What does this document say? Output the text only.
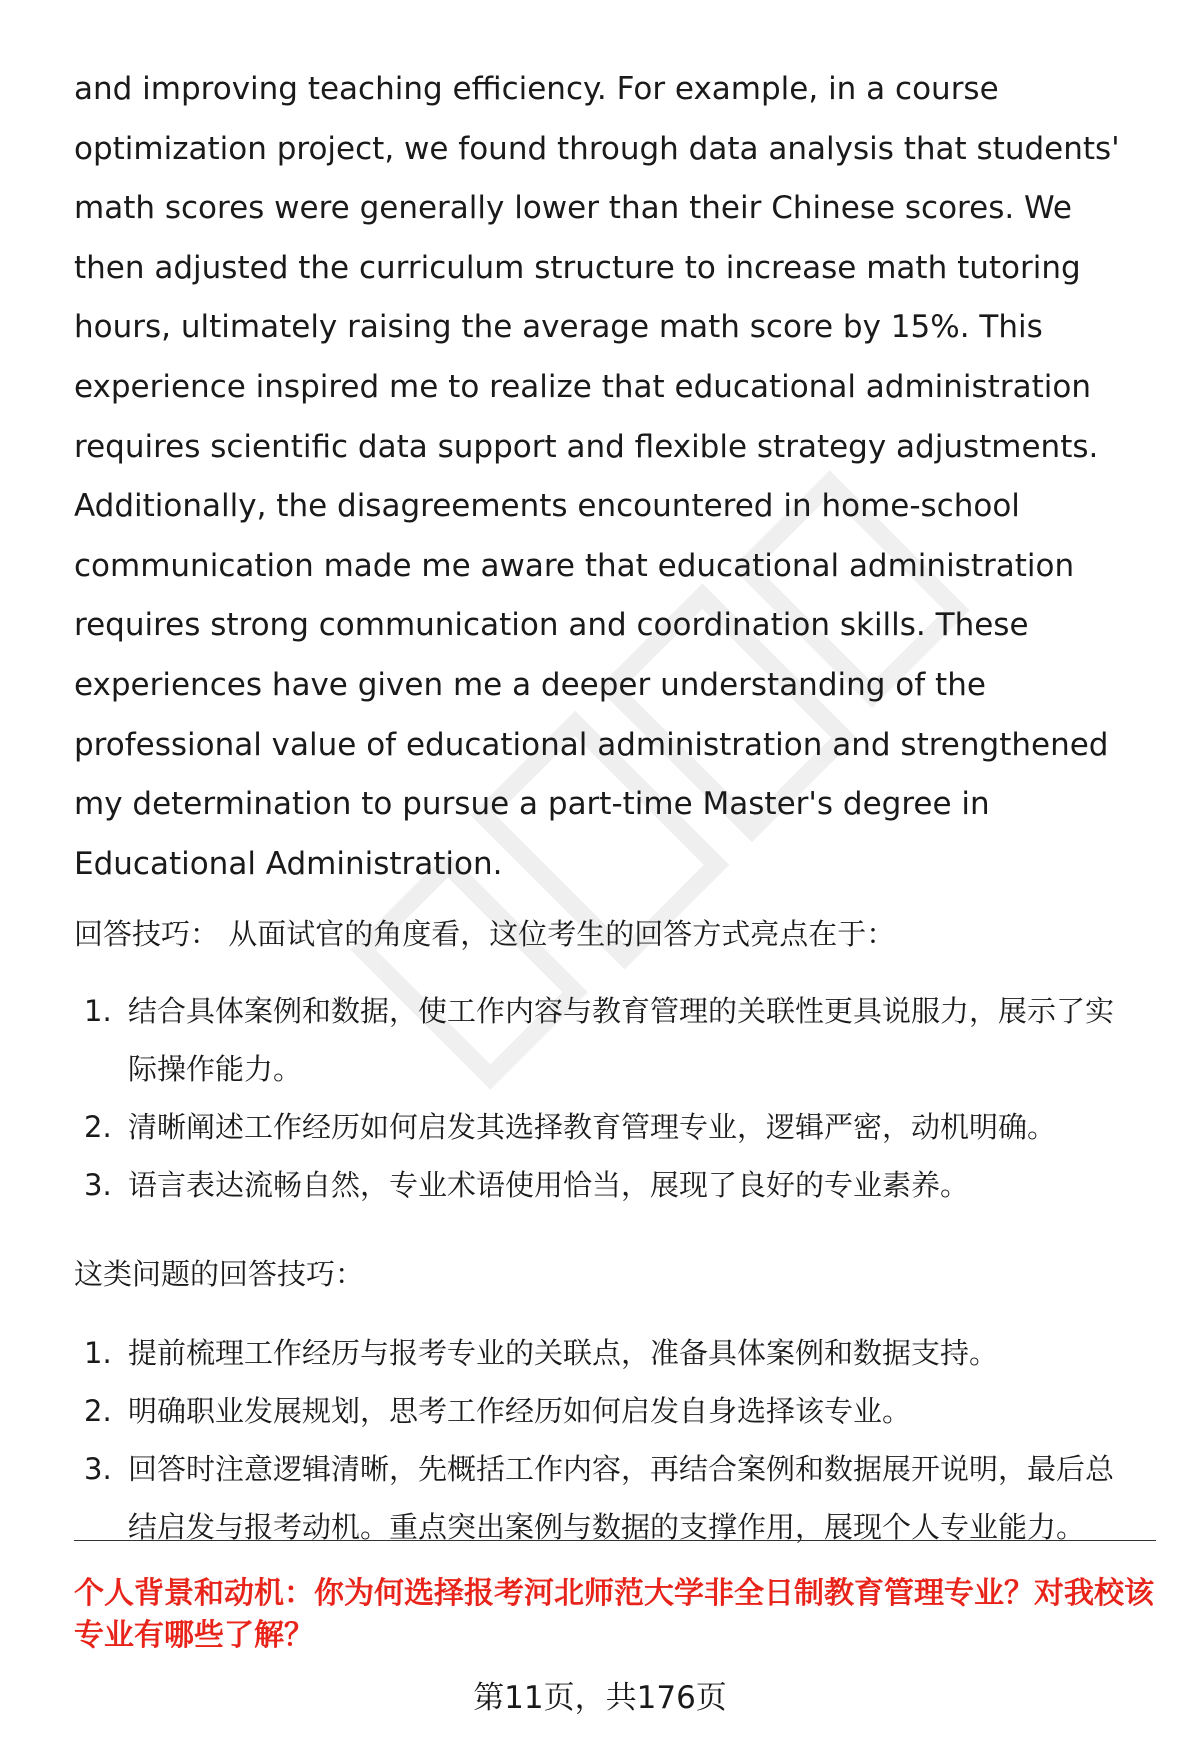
and improving teaching efficiency. For example, in a course optimization project, we found through data analysis that students' math scores were generally lower than their Chinese scores. We then adjusted the curriculum structure to increase math tutoring hours, ultimately raising the average math score by 15%. This experience inspired me to realize that educational administration requires scientific data support and flexible strategy adjustments. Additionally, the disagreements encountered in home-school communication made me aware that educational administration requires strong communication and coordination skills. These experiences have given me a deeper understanding of the professional value of educational administration and strengthened my determination to pursue a part-time Master's degree in Educational Administration.

回答技巧： 从面试官的角度看，这位考生的回答方式亮点在于：

1. 结合具体案例和数据，使工作内容与教育管理的关联性更具说服力，展示了实际操作能力。
2. 清晰阐述工作经历如何启发其选择教育管理专业，逻辑严密，动机明确。
3. 语言表达流畅自然，专业术语使用恰当，展现了良好的专业素养。

这类问题的回答技巧：

1. 提前梳理工作经历与报考专业的关联点，准备具体案例和数据支持。
2. 明确职业发展规划，思考工作经历如何启发自身选择该专业。
3. 回答时注意逻辑清晰，先概括工作内容，再结合案例和数据展开说明，最后总结启发与报考动机。重点突出案例与数据的支撑作用，展现个人专业能力。
个人背景和动机：你为何选择报考河北师范大学非全日制教育管理专业？对我校该专业有哪些了解？
第11页，共176页
